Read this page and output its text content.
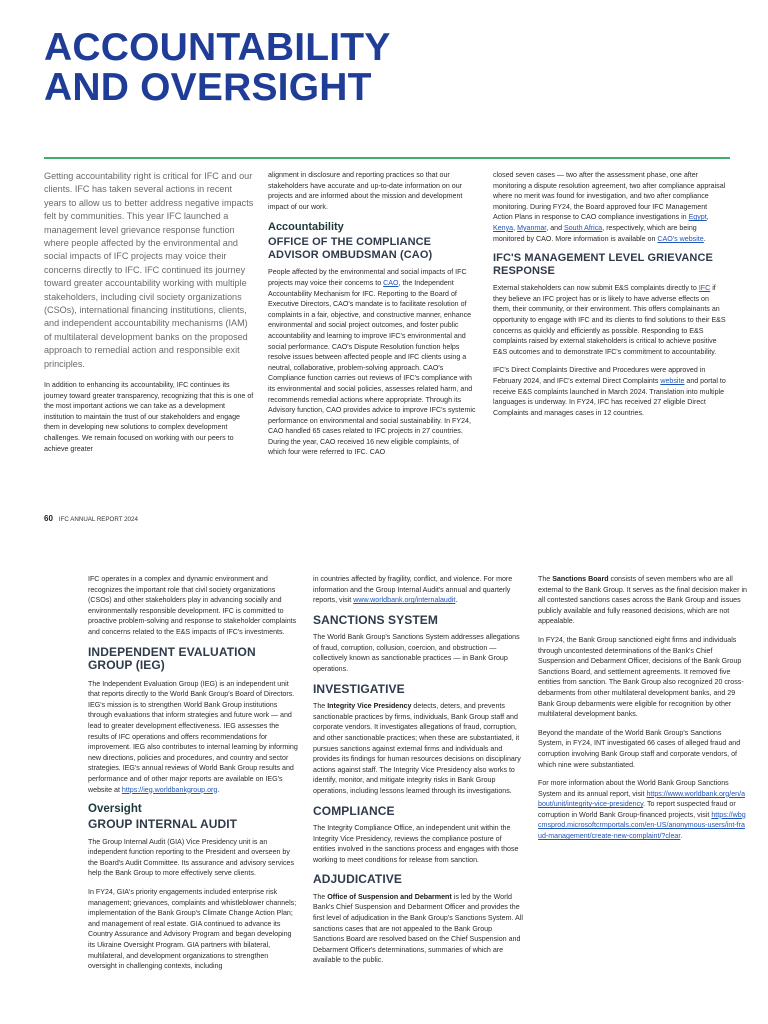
ACCOUNTABILITY
AND OVERSIGHT

Getting accountability right is critical for IFC and our clients. IFC has taken several actions in recent years to allow us to better address negative impacts felt by communities. This year IFC launched a management level grievance response function where people affected by the environmental and social impacts of IFC projects may voice their concerns directly to IFC. IFC continued its journey toward greater accountability working with multiple stakeholders, including civil society organizations (CSOs), international financing institutions, clients, and independent accountability mechanisms (IAM) of multilateral development banks on the proposed approach to remedial action and responsible exit principles.

In addition to enhancing its accountability, IFC continues its journey toward greater transparency, recognizing that this is one of the most important actions we can take as a development institution to maintain the trust of our stakeholders and engage them in developing new solutions to complex development challenges. We remain focused on working with our peers to achieve greater

alignment in disclosure and reporting practices so that our stakeholders have accurate and up-to-date information on our projects and are informed about the mission and development impact of our work.

Accountability
OFFICE OF THE COMPLIANCE ADVISOR OMBUDSMAN (CAO)

People affected by the environmental and social impacts of IFC projects may voice their concerns to CAO, the Independent Accountability Mechanism for IFC. Reporting to the Board of Executive Directors, CAO's mandate is to facilitate resolution of complaints in a fair, objective, and constructive manner, enhance environmental and social project outcomes, and foster public accountability and learning to improve IFC's environmental and social performance. CAO's Dispute Resolution function helps resolve issues between affected people and IFC clients using a neutral, collaborative, problem-solving approach. CAO's Compliance function carries out reviews of IFC's compliance with its environmental and social policies, assesses related harm, and recommends remedial actions where appropriate. Through its Advisory function, CAO provides advice to improve IFC's systemic performance on environmental and social sustainability. In FY24, CAO handled 65 cases related to IFC projects in 27 countries. During the year, CAO received 16 new eligible complaints, of which four were referred to IFC. CAO

closed seven cases — two after the assessment phase, one after monitoring a dispute resolution agreement, two after compliance appraisal where no merit was found for investigation, and two after compliance monitoring. During FY24, the Board approved four IFC Management Action Plans in response to CAO compliance investigations in Egypt, Kenya, Myanmar, and South Africa, respectively, which are being monitored by CAO. More information is available on CAO's website.

IFC'S MANAGEMENT LEVEL GRIEVANCE RESPONSE

External stakeholders can now submit E&S complaints directly to IFC if they believe an IFC project has or is likely to have adverse effects on them, their community, or their environment. This offers complainants an opportunity to engage with IFC and its clients to find solutions to their E&S concerns as quickly and efficiently as possible. Responding to E&S complaints raised by external stakeholders is critical to achieve positive E&S outcomes and to demonstrate IFC's commitment to accountability.

IFC's Direct Complaints Directive and Procedures were approved in February 2024, and IFC's external Direct Complaints website and portal to receive E&S complaints launched in March 2024. Translation into multiple languages is underway. In FY24, IFC has received 27 eligible Direct Complaints and manages cases in 12 countries.

60 IFC ANNUAL REPORT 2024

IFC operates in a complex and dynamic environment and recognizes the important role that civil society organizations (CSOs) and other stakeholders play in advancing socially and environmentally responsible development. IFC is committed to proactive problem-solving and response to stakeholder complaints and concerns related to the E&S impacts of IFC's investments.

INDEPENDENT EVALUATION GROUP (IEG)

The Independent Evaluation Group (IEG) is an independent unit that reports directly to the World Bank Group's Board of Directors. IEG's mission is to strengthen World Bank Group institutions through evaluations that inform strategies and future work — and lead to greater development effectiveness. IEG assesses the results of IFC operations and offers recommendations for improvement. IEG also contributes to internal learning by informing new directions, policies and procedures, and country and sector strategies. IEG's annual reviews of World Bank Group results and performance and of other major reports are available on IEG's website at https://ieg.worldbankgroup.org.

Oversight
GROUP INTERNAL AUDIT

The Group Internal Audit (GIA) Vice Presidency unit is an independent function reporting to the President and overseen by the Board's Audit Committee. Its assurance and advisory services help the Bank Group to more effectively serve clients.

In FY24, GIA's priority engagements included enterprise risk management; grievances, complaints and whistleblower channels; implementation of the Bank Group's Climate Change Action Plan; and management of real estate. GIA continued to advance its Country Assurance and Advisory Program and began developing its Ukraine Oversight Program. GIA partners with bilateral, multilateral, and development organizations to strengthen oversight in challenging contexts, including

in countries affected by fragility, conflict, and violence. For more information and the Group Internal Audit's annual and quarterly reports, visit www.worldbank.org/internalaudit.

SANCTIONS SYSTEM

The World Bank Group's Sanctions System addresses allegations of fraud, corruption, collusion, coercion, and obstruction — collectively known as sanctionable practices — in Bank Group operations.

INVESTIGATIVE

The Integrity Vice Presidency detects, deters, and prevents sanctionable practices by firms, individuals, Bank Group staff and corporate vendors. It investigates allegations of fraud, corruption, and other sanctionable practices; when these are substantiated, it pursues sanctions against external firms and individuals and provides its findings for human resources decisions on disciplinary actions against staff. The Integrity Vice Presidency also works to identify, monitor, and mitigate integrity risks in Bank Group operations, including lessons learned through its investigations.

COMPLIANCE

The Integrity Compliance Office, an independent unit within the Integrity Vice Presidency, reviews the compliance posture of entities involved in the sanctions process and engages with those working to meet conditions for release from sanction.

ADJUDICATIVE

The Office of Suspension and Debarment is led by the World Bank's Chief Suspension and Debarment Officer and provides the first level of adjudication in the Bank Group's Sanctions System. All sanctions cases that are not appealed to the Bank Group Sanctions Board are resolved based on the Chief Suspension and Debarment Officer's determinations, summaries of which are available to the public.

The Sanctions Board consists of seven members who are all external to the Bank Group. It serves as the final decision maker in all contested sanctions cases across the Bank Group and issues publicly available and fully reasoned decisions, which are not appealable.

In FY24, the Bank Group sanctioned eight firms and individuals through uncontested determinations of the Bank's Chief Suspension and Debarment Officer, decisions of the Bank Group Sanctions Board, and settlement agreements. It removed five entities from sanction. The Bank Group also recognized 20 cross-debarments from other multilateral development banks, and 29 Bank Group debarments were eligible for recognition by other multilateral development banks.

Beyond the mandate of the World Bank Group's Sanctions System, in FY24, INT investigated 66 cases of alleged fraud and corruption involving Bank Group staff and corporate vendors, of which nine were substantiated.

For more information about the World Bank Group Sanctions System and its annual report, visit https://www.worldbank.org/en/about/unit/integrity-vice-presidency. To report suspected fraud or corruption in World Bank Group-financed projects, visit https://wbgcmsprod.microsoftcrmportals.com/en-US/anonymous-users/int-fraud-management/create-new-complaint/?clear.
